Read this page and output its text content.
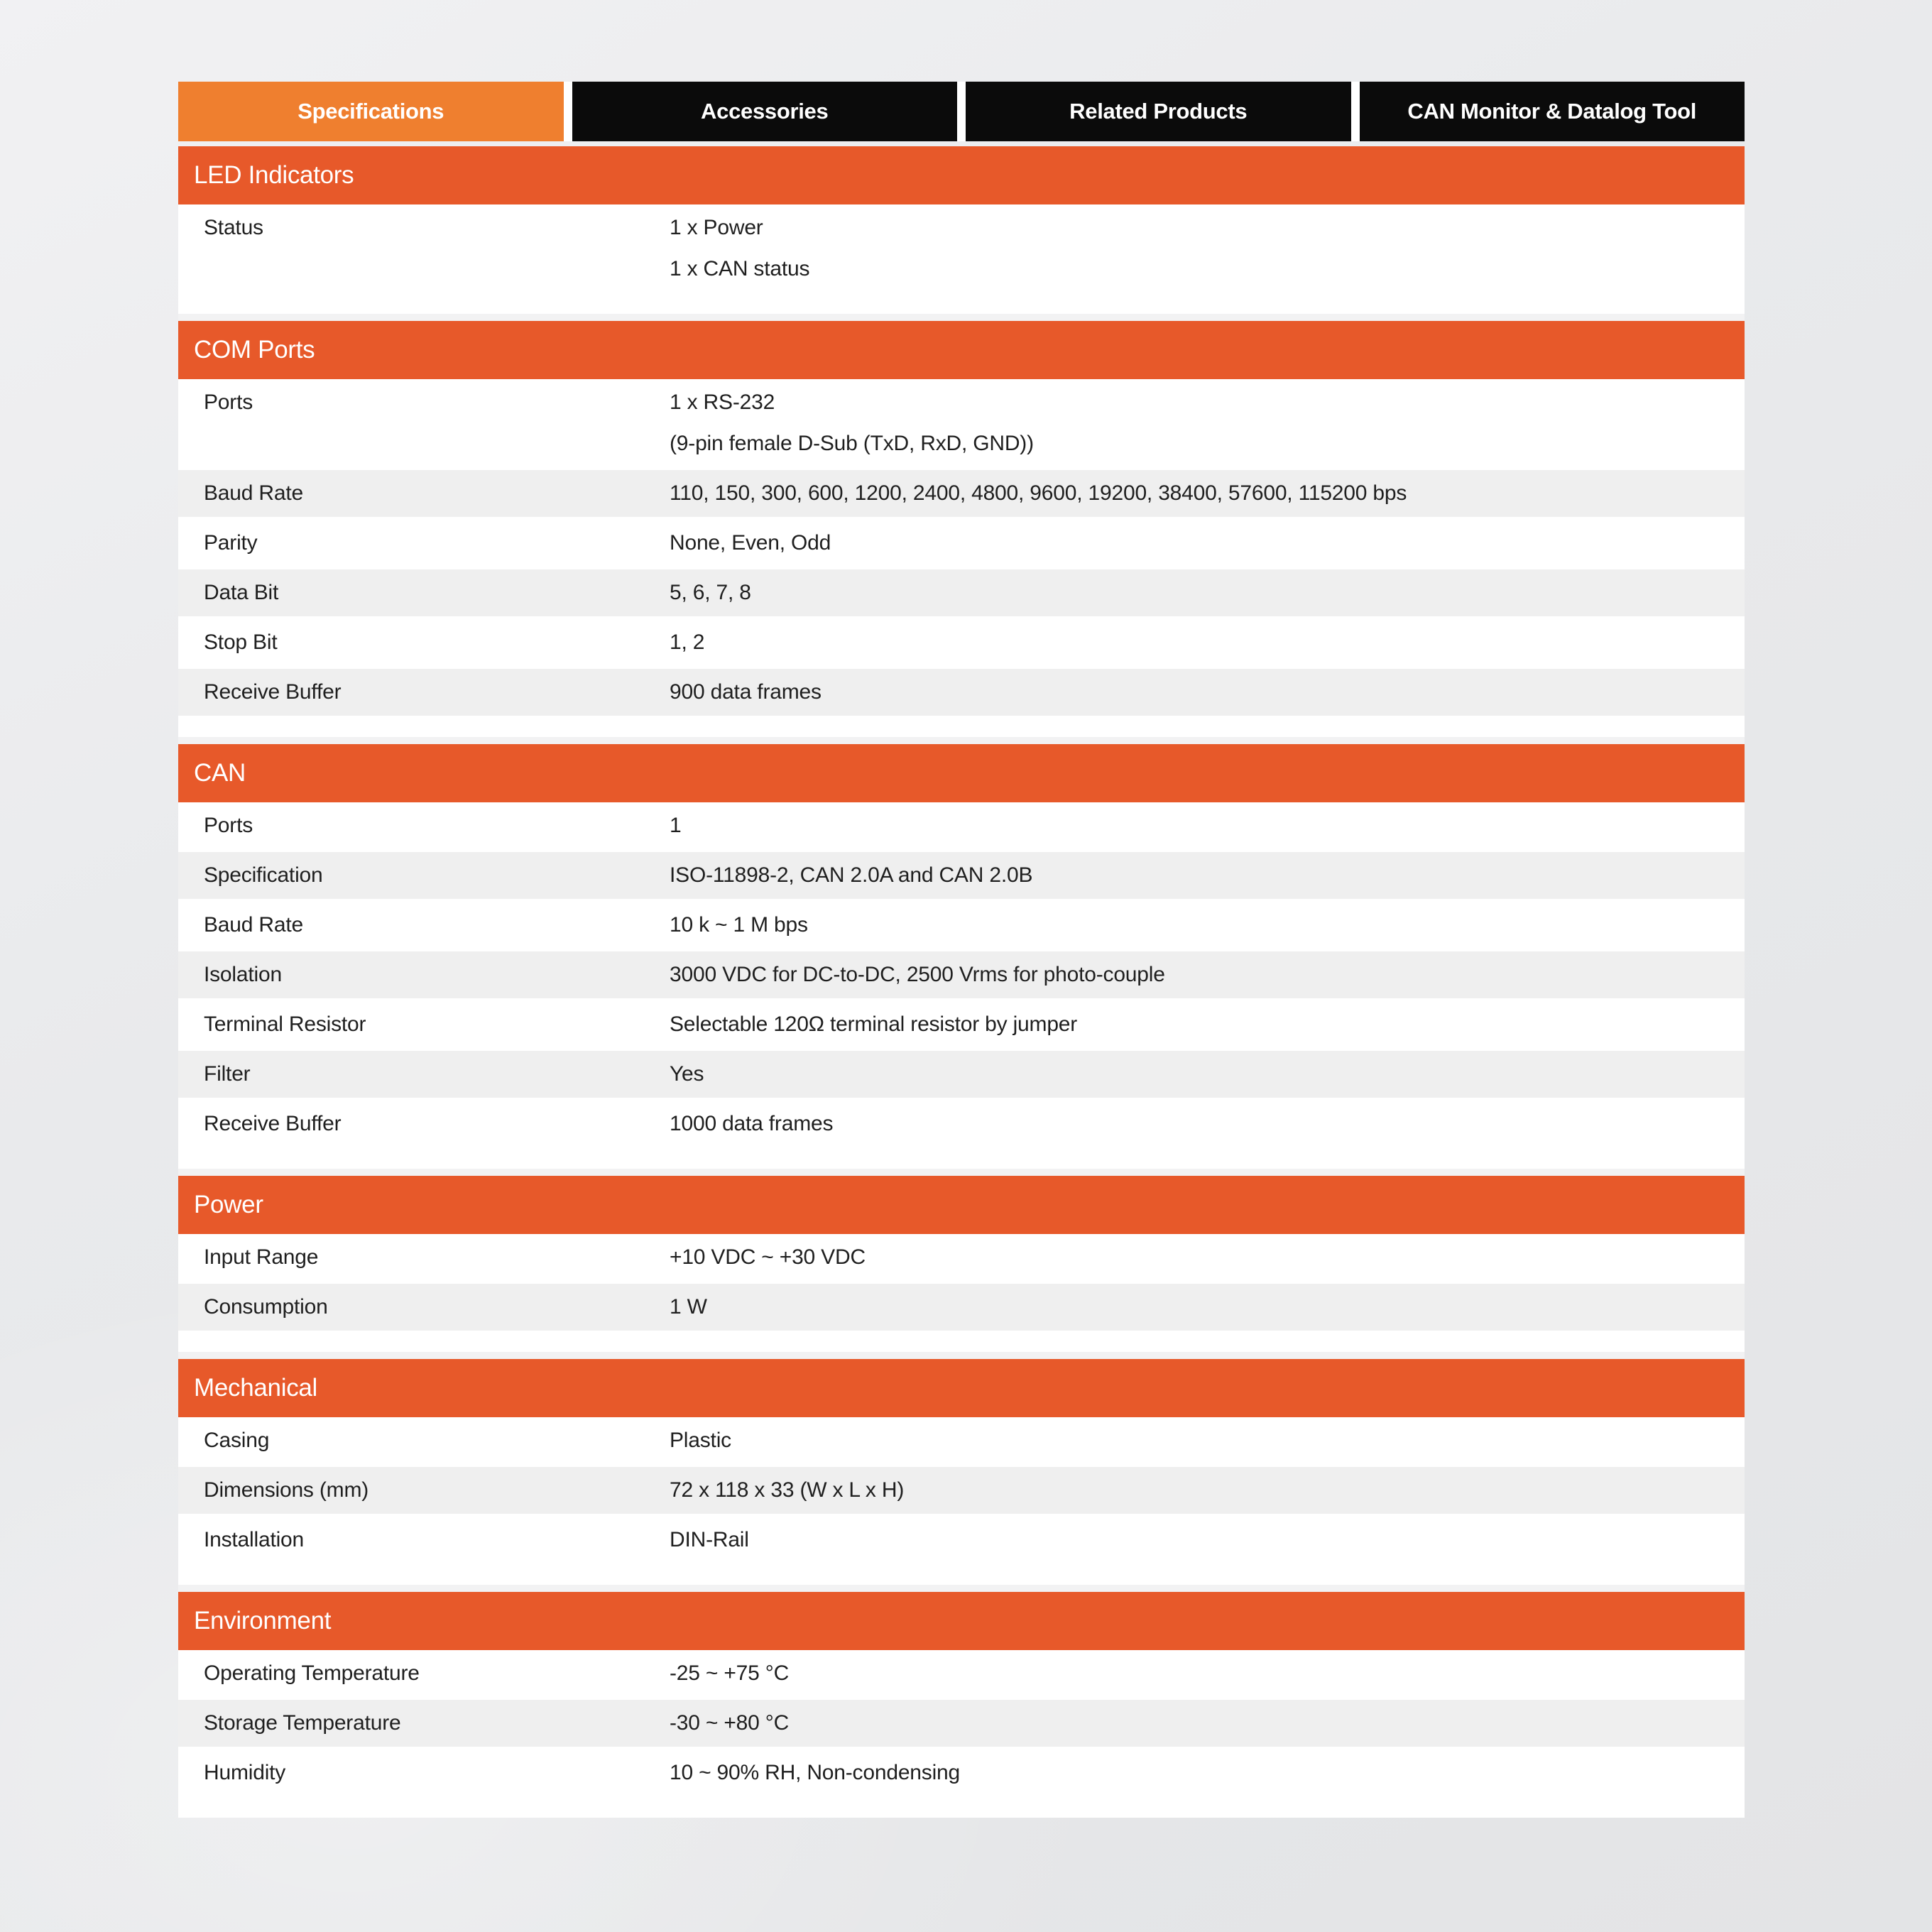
Specifications	Accessories	Related Products	CAN Monitor & Datalog Tool
LED Indicators
Status	1 x Power
1 x CAN status
COM Ports
Ports	1 x RS-232
(9-pin female D-Sub (TxD, RxD, GND))
Baud Rate	110, 150, 300, 600, 1200, 2400, 4800, 9600, 19200, 38400, 57600, 115200 bps
Parity	None, Even, Odd
Data Bit	5, 6, 7, 8
Stop Bit	1, 2
Receive Buffer	900 data frames
CAN
Ports	1
Specification	ISO-11898-2, CAN 2.0A and CAN 2.0B
Baud Rate	10 k ~ 1 M bps
Isolation	3000 VDC for DC-to-DC, 2500 Vrms for photo-couple
Terminal Resistor	Selectable 120Ω terminal resistor by jumper
Filter	Yes
Receive Buffer	1000 data frames
Power
Input Range	+10 VDC ~ +30 VDC
Consumption	1 W
Mechanical
Casing	Plastic
Dimensions (mm)	72 x 118 x 33 (W x L x H)
Installation	DIN-Rail
Environment
Operating Temperature	-25 ~ +75 °C
Storage Temperature	-30 ~ +80 °C
Humidity	10 ~ 90% RH, Non-condensing
